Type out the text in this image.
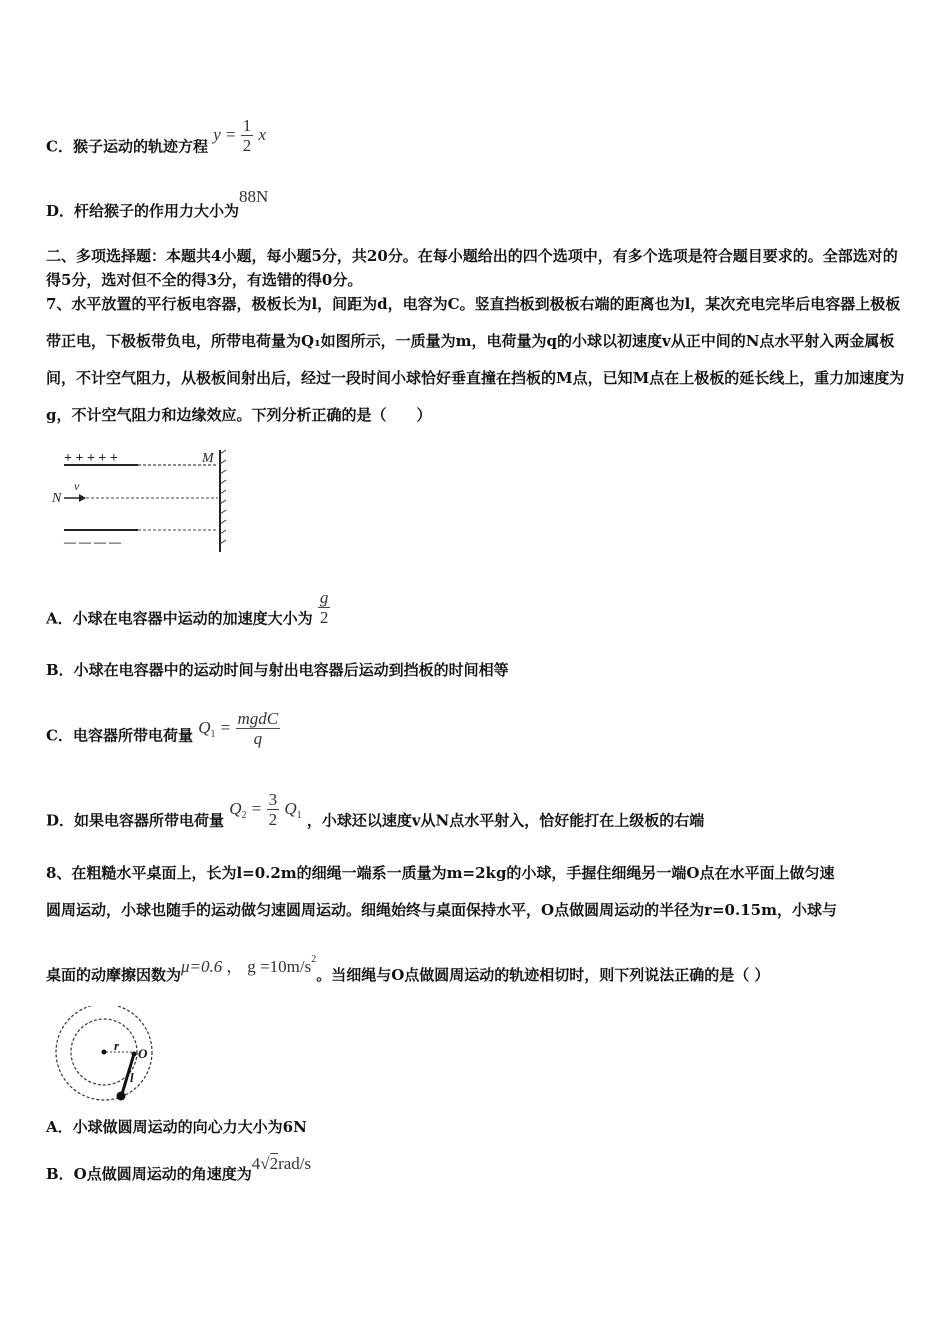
C．猴子运动的轨迹方程 $y = \frac{1}{2}$ x
D．杆给猴子的作用力大小为88N
二、多项选择题：本题共4小题，每小题5分，共20分。在每小题给出的四个选项中，有多个选项是符合题目要求的。全部选对的得5分，选对但不全的得3分，有选错的得0分。
7、水平放置的平行板电容器，极板长为l，间距为d，电容为C。竖直挡板到极板右端的距离也为l，某次充电完毕后电容器上极板带正电，下极板带负电，所带电荷量为Q₁如图所示，一质量为m，电荷量为q的小球以初速度v从正中间的N点水平射入两金属板间，不计空气阻力，从极板间射出后，经过一段时间小球恰好垂直撞在挡板的M点，已知M点在上极板的延长线上，重力加速度为g，不计空气阻力和边缘效应。下列分析正确的是（　　）
+ + + + +	M
N
v
— — — —
A．小球在电容器中运动的加速度大小为 $\frac{g}{2}$
B．小球在电容器中的运动时间与射出电容器后运动到挡板的时间相等
C．电容器所带电荷量 $Q_1 = \frac{\text{mgdC}}{q}$
D．如果电容器所带电荷量 $Q_2 = \frac{3}{2} Q_1$ ，小球还以速度v从N点水平射入，恰好能打在上级板的右端
8、在粗糙水平桌面上，长为l=0.2m的细绳一端系一质量为m=2kg的小球，手握住细绳另一端O点在水平面上做匀速
圆周运动，小球也随手的运动做匀速圆周运动。细绳始终与桌面保持水平，O点做圆周运动的半径为r=0.15m，小球与
桌面的动摩擦因数为μ=0.6 ， $g =10m/s^2$。当细绳与O点做圆周运动的轨迹相切时，则下列说法正确的是（ ）
r
O
l
A．小球做圆周运动的向心力大小为6N
B．O点做圆周运动的角速度为4√2rad/s
